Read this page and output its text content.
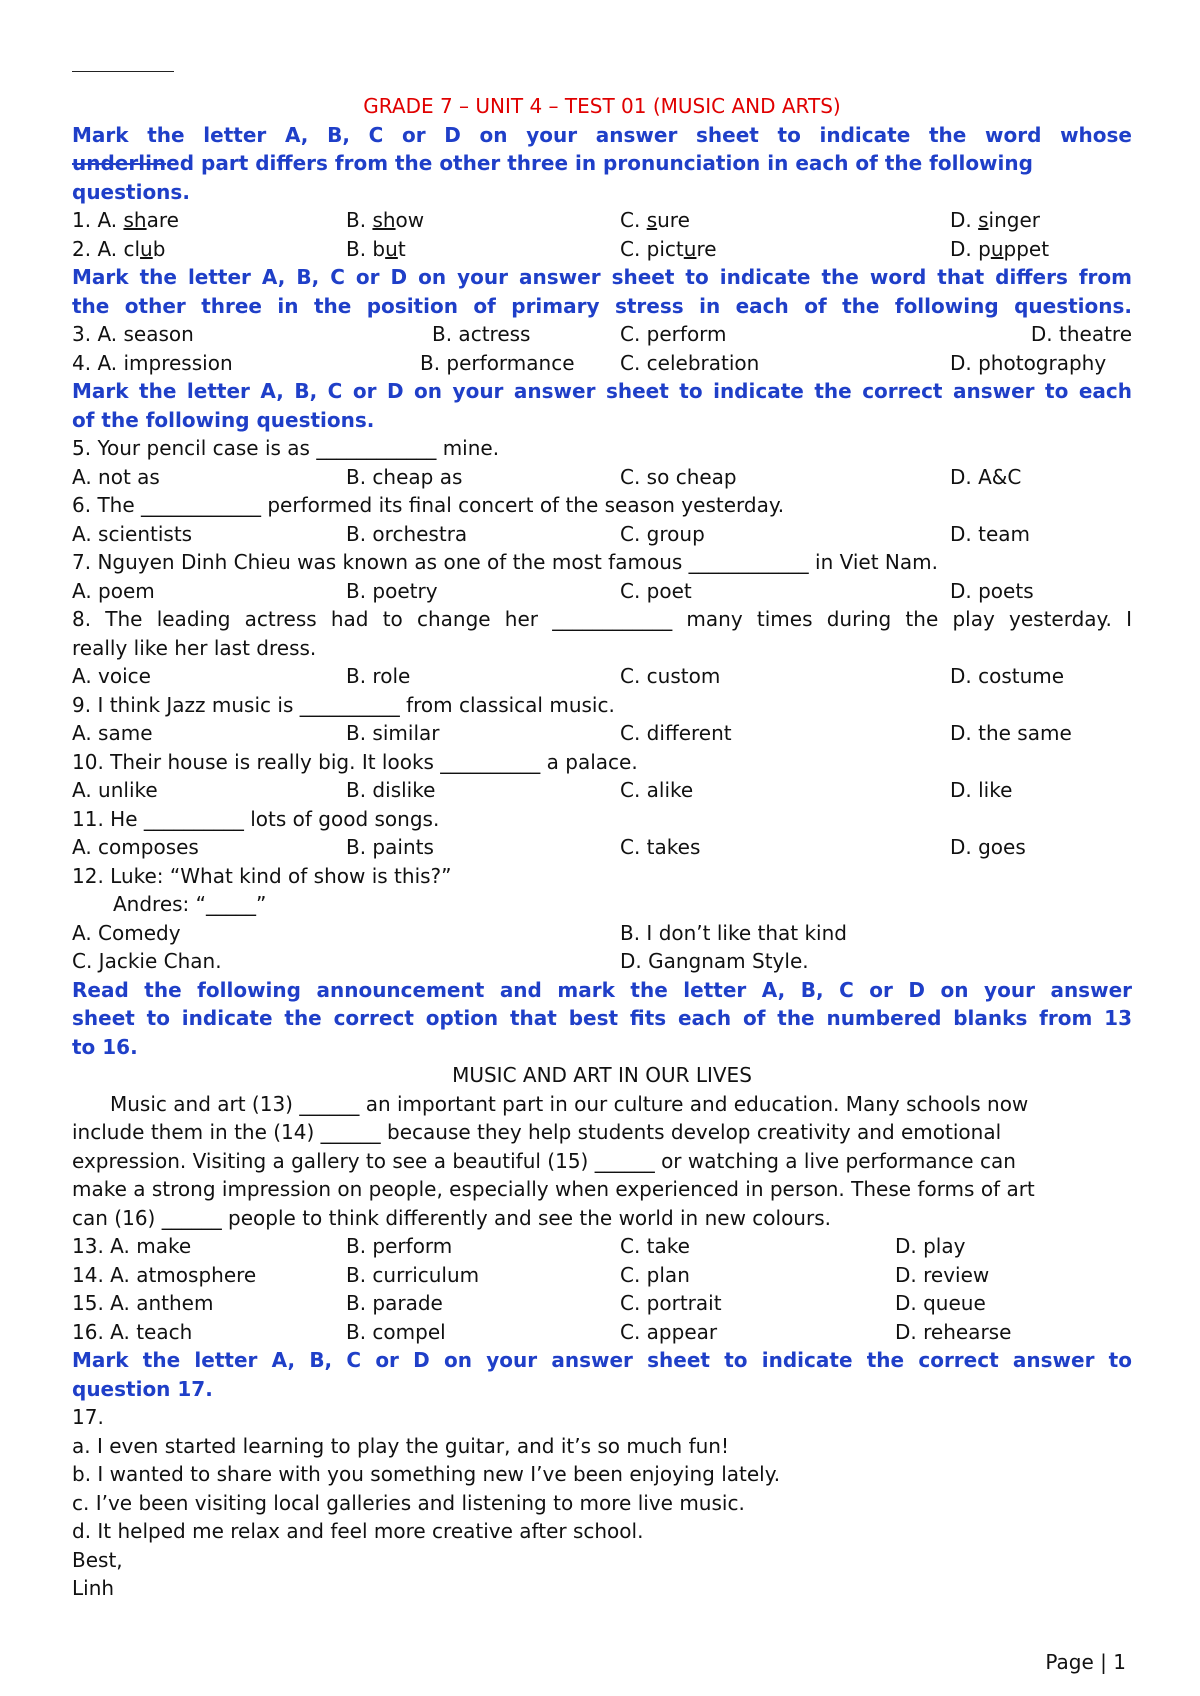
GRADE 7 – UNIT 4 – TEST 01 (MUSIC AND ARTS)
Mark the letter A, B, C or D on your answer sheet to indicate the word whose
underlined part differs from the other three in pronunciation in each of the following
questions.
1. A. share	B. show	C. sure	D. singer
2. A. club	B. but	C. picture	D. puppet
Mark the letter A, B, C or D on your answer sheet to indicate the word that differs from
the other three in the position of primary stress in each of the following questions.
3. A. season	B. actress	C. perform	D. theatre
4. A. impression	B. performance C. celebration	D. photography
Mark the letter A, B, C or D on your answer sheet to indicate the correct answer to each
of the following questions.
5. Your pencil case is as ____________ mine.
A. not as	B. cheap as	C. so cheap	D. A&C
6. The ____________ performed its final concert of the season yesterday.
A. scientists	B. orchestra	C. group	D. team
7. Nguyen Dinh Chieu was known as one of the most famous ____________ in Viet Nam.
A. poem	B. poetry	C. poet	D. poets
8. The leading actress had to change her ____________ many times during the play yesterday. I
really like her last dress.
A. voice	B. role	C. custom	D. costume
9. I think Jazz music is __________ from classical music.
A. same	B. similar	C. different	D. the same
10. Their house is really big. It looks __________ a palace.
A. unlike	B. dislike	C. alike	D. like
11. He __________ lots of good songs.
A. composes	B. paints	C. takes	D. goes
12. Luke: “What kind of show is this?”
Andres: “_____”
A. Comedy	B. I don’t like that kind
C. Jackie Chan.	D. Gangnam Style.
Read the following announcement and mark the letter A, B, C or D on your answer
sheet to indicate the correct option that best fits each of the numbered blanks from 13
to 16.
MUSIC AND ART IN OUR LIVES
Music and art (13) ______ an important part in our culture and education. Many schools now
include them in the (14) ______ because they help students develop creativity and emotional
expression. Visiting a gallery to see a beautiful (15) ______ or watching a live performance can
make a strong impression on people, especially when experienced in person. These forms of art
can (16) ______ people to think differently and see the world in new colours.
13. A. make	B. perform	C. take	D. play
14. A. atmosphere	B. curriculum	C. plan	D. review
15. A. anthem	B. parade	C. portrait	D. queue
16. A. teach	B. compel	C. appear	D. rehearse
Mark the letter A, B, C or D on your answer sheet to indicate the correct answer to
question 17.
17.
a. I even started learning to play the guitar, and it’s so much fun!
b. I wanted to share with you something new I’ve been enjoying lately.
c. I’ve been visiting local galleries and listening to more live music.
d. It helped me relax and feel more creative after school.
Best,
Linh
Page | 1
